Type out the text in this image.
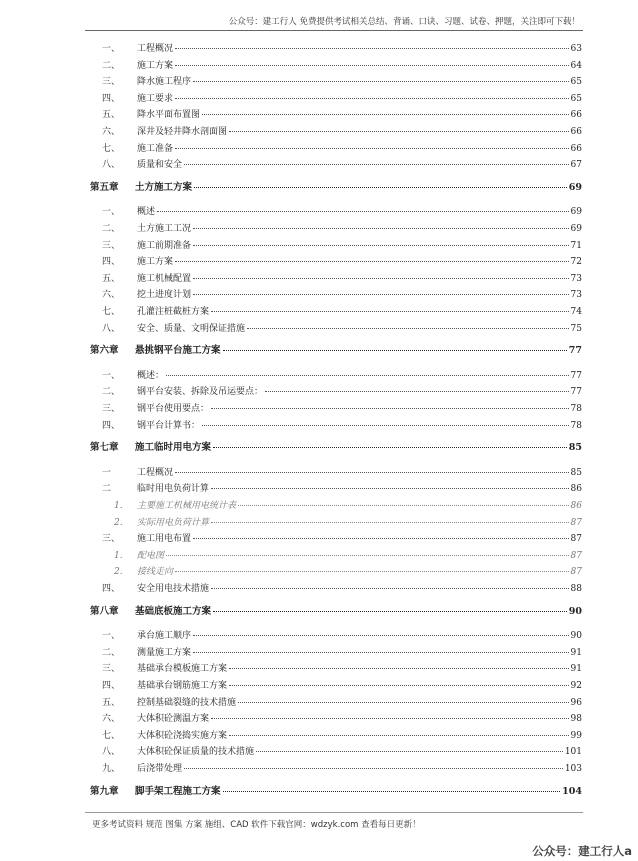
公众号：建工行人 免费提供考试相关总结、背诵、口诀、习题、试卷、押题，关注即可下载！
一、	工程概况	63
二、	施工方案	64
三、	降水施工程序	65
四、	施工要求	65
五、	降水平面布置图	66
六、	深井及轻井降水剖面图	66
七、	施工准备	66
八、	质量和安全	67
第五章	土方施工方案	69
一、	概述	69
二、	土方施工工况	69
三、	施工前期准备	71
四、	施工方案	72
五、	施工机械配置	73
六、	挖土进度计划	73
七、	孔灌注桩截桩方案	74
八、	安全、质量、文明保证措施	75
第六章	悬挑钢平台施工方案	77
一、	概述：	77
二、	钢平台安装、拆除及吊运要点：	77
三、	钢平台使用要点：	78
四、	钢平台计算书：	78
第七章	施工临时用电方案	85
一	工程概况	85
二	临时用电负荷计算	86
1.	主要施工机械用电统计表	86
2.	实际用电负荷计算	87
三、	施工用电布置	87
1.	配电图	87
2.	接线走向	87
四、	安全用电技术措施	88
第八章	基础底板施工方案	90
一、	承台施工顺序	90
二、	测量施工方案	91
三、	基础承台模板施工方案	91
四、	基础承台钢筋施工方案	92
五、	控制基础裂缝的技术措施	96
六、	大体积砼测温方案	98
七、	大体积砼浇捣实施方案	99
八、	大体积砼保证质量的技术措施	101
九、	后浇带处理	103
第九章	脚手架工程施工方案	104
更多考试资料 规范 图集 方案 施组、CAD 软件下载官网：wdzyk.com 查看每日更新！
公众号：建工行人a
